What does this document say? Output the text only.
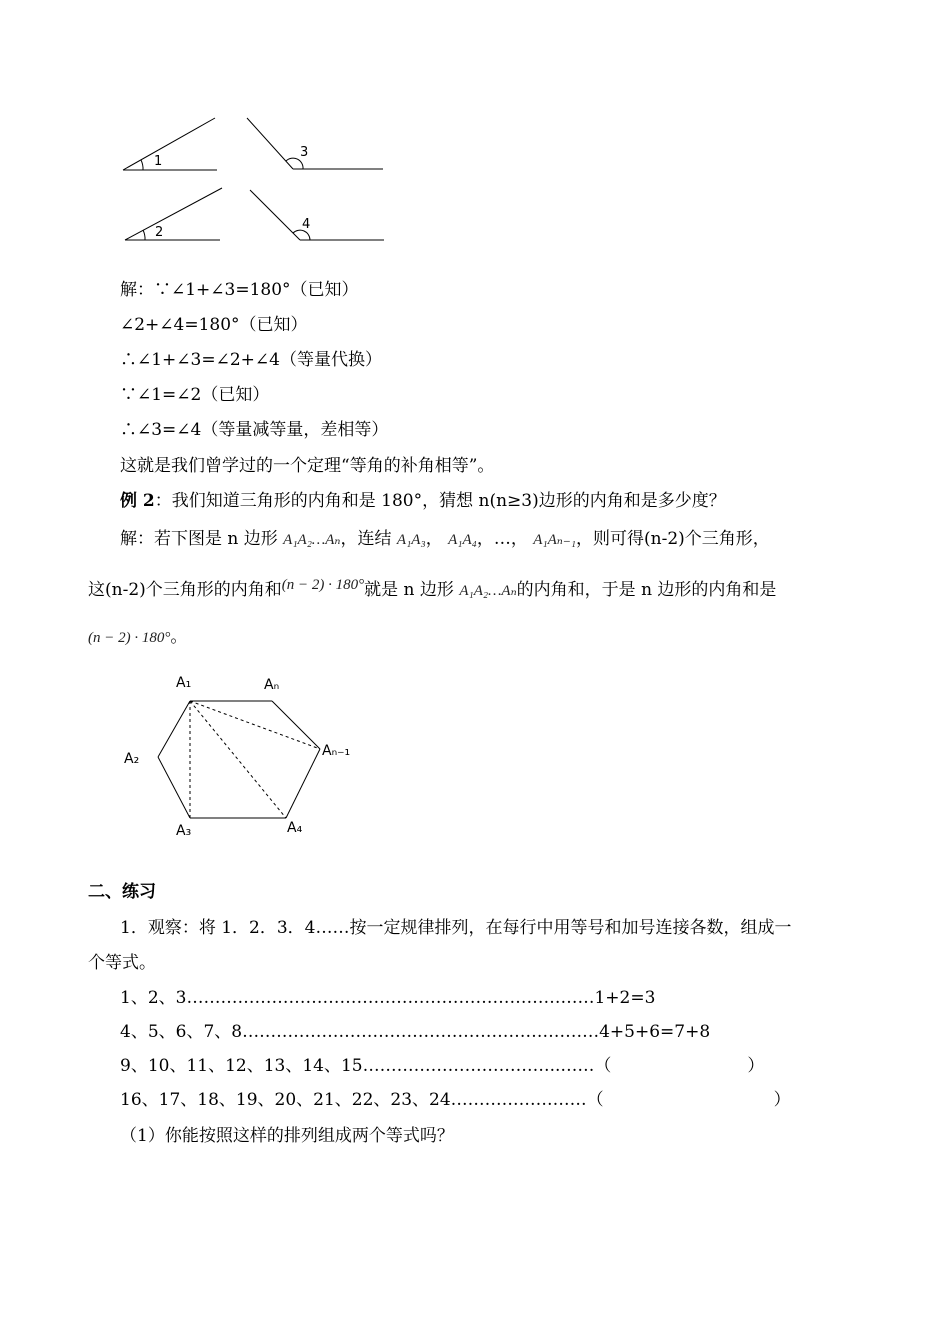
1
3
2
4
解：∵∠1+∠3=180°（已知）
∠2+∠4=180°（已知）
∴∠1+∠3=∠2+∠4（等量代换）
∵∠1=∠2（已知）
∴∠3=∠4（等量减等量，差相等）
这就是我们曾学过的一个定理“等角的补角相等”。
例 2：我们知道三角形的内角和是 180°，猜想 n(n≥3)边形的内角和是多少度？
解：若下图是 n 边形 A₁A₂…Aₙ，连结 A₁A₃， A₁A₄，…， A₁Aₙ₋₁，则可得(n-2)个三角形，
这(n-2)个三角形的内角和(n − 2) · 180°就是 n 边形 A₁A₂…Aₙ的内角和，于是 n 边形的内角和是
(n − 2) · 180°。
A₁	Aₙ
Aₙ₋₁
A₂
A₃	A₄
二、练习
1．观察：将 1．2．3．4……按一定规律排列，在每行中用等号和加号连接各数，组成一
个等式。
1、2、3………………………………………………………………1+2=3
4、5、6、7、8………………………………………………………4+5+6=7+8
9、10、11、12、13、14、15……………………………..……（　　　　　　　　）
16、17、18、19、20、21、22、23、24……………………（　　　　　　　　　　）
（1）你能按照这样的排列组成两个等式吗？
